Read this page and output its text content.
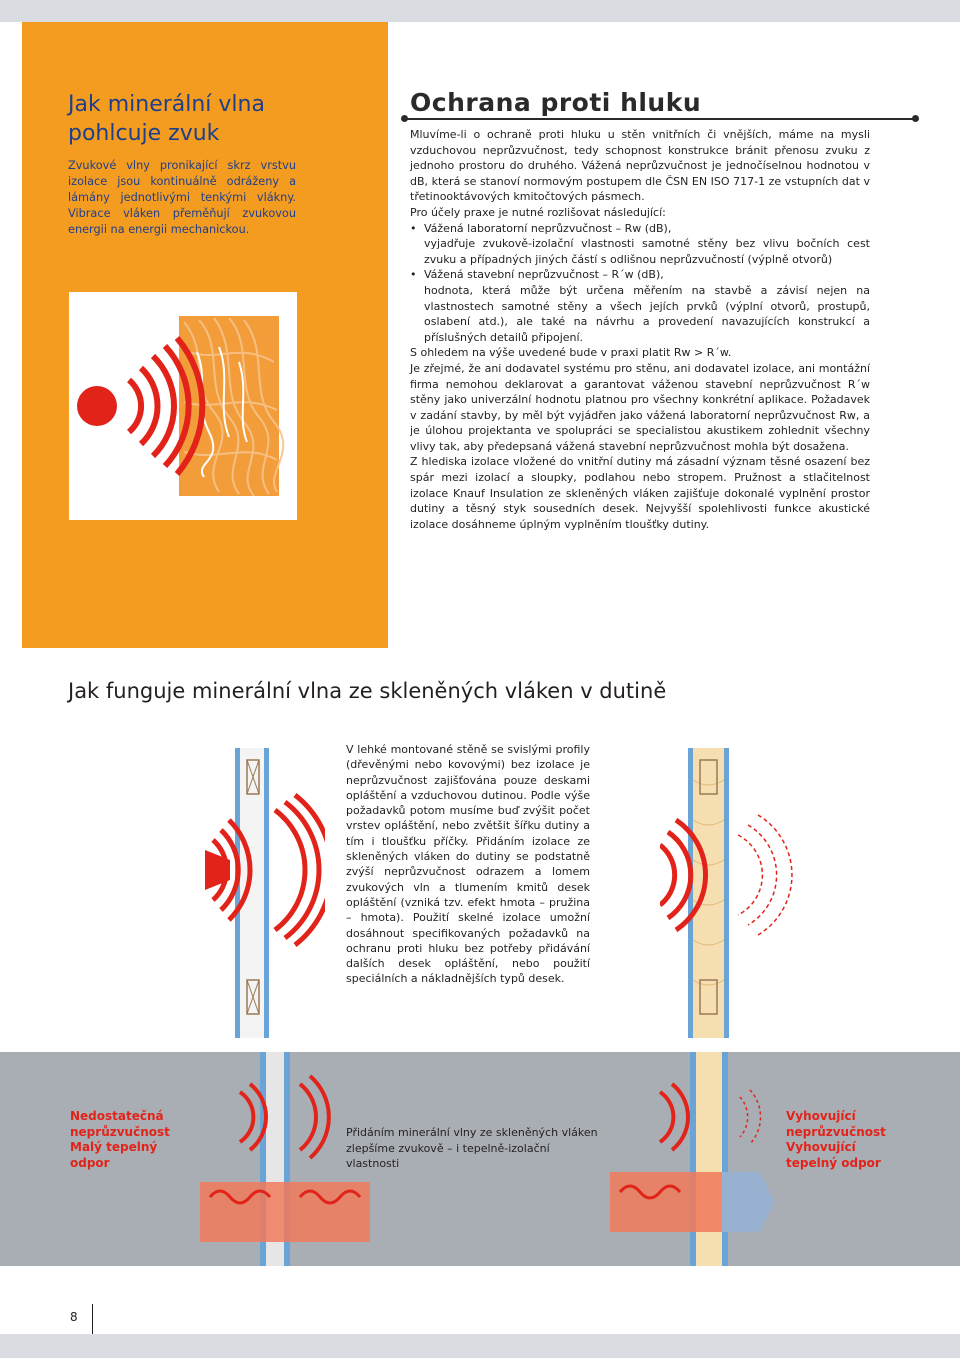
Jak minerální vlna
pohlcuje zvuk
Zvukové vlny pronikající skrz vrstvu izolace jsou kontinuálně odráženy a lámány jednotlivými tenkými vlákny. Vibrace vláken přeměňují zvukovou energii na energii mechanickou.
Ochrana proti hluku

Mluvíme-li o ochraně proti hluku u stěn vnitřních či vnějších, máme na mysli vzduchovou neprůzvučnost, tedy schopnost konstrukce bránit přenosu zvuku z jednoho prostoru do druhého. Vážená neprůzvučnost je jednočíselnou hodnotou v dB, která se stanoví normovým postupem dle ČSN EN ISO 717-1 ze vstupních dat v třetinooktávových kmitočtových pásmech.

Pro účely praxe je nutné rozlišovat následující:

• Vážená laboratorní neprůzvučnost – Rw (dB),

vyjadřuje zvukově-izolační vlastnosti samotné stěny bez vlivu bočních cest zvuku a případných jiných částí s odlišnou neprůzvučností (výplně otvorů)

• Vážená stavební neprůzvučnost – R´w (dB),

hodnota, která může být určena měřením na stavbě a závisí nejen na vlastnostech samotné stěny a všech jejích prvků (výplní otvorů, prostupů, oslabení atd.), ale také na návrhu a provedení navazujících konstrukcí a příslušných detailů připojení.

S ohledem na výše uvedené bude v praxi platit Rw > R´w.

Je zřejmé, že ani dodavatel systému pro stěnu, ani dodavatel izolace, ani montážní firma nemohou deklarovat a garantovat váženou stavební neprůzvučnost R´w stěny jako univerzální hodnotu platnou pro všechny konkrétní aplikace. Požadavek v zadání stavby, by měl být vyjádřen jako vážená laboratorní neprůzvučnost Rw, a je úlohou projektanta ve spolupráci se specialistou akustikem zohlednit všechny vlivy tak, aby předepsaná vážená stavební neprůzvučnost mohla být dosažena.

Z hlediska izolace vložené do vnitřní dutiny má zásadní význam těsné osazení bez spár mezi izolací a sloupky, podlahou nebo stropem. Pružnost a stlačitelnost izolace Knauf Insulation ze skleněných vláken zajišťuje dokonalé vyplnění prostor dutiny a těsný styk sousedních desek. Nejvyšší spolehlivosti funkce akustické izolace dosáhneme úplným vyplněním tloušťky dutiny.

Jak funguje minerální vlna ze skleněných vláken v dutině
V lehké montované stěně se svislými profily (dřevěnými nebo kovovými) bez izolace je neprůzvučnost zajišťována pouze deskami opláštění a vzduchovou dutinou. Podle výše požadavků potom musíme buď zvýšit počet vrstev opláštění, nebo zvětšit šířku dutiny a tím i tloušťku příčky. Přidáním izolace ze skleněných vláken do dutiny se podstatně zvýší neprůzvučnost odrazem a lomem zvukových vln a tlumením kmitů desek opláštění (vzniká tzv. efekt hmota – pružina – hmota). Použití skelné izolace umožní dosáhnout specifikovaných požadavků na ochranu proti hluku bez potřeby přidávání dalších desek opláštění, nebo použití speciálních a nákladnějších typů desek.
Nedostatečná
neprůzvučnost
Malý tepelný
odpor
Přidáním minerální vlny ze skleněných vláken zlepšíme zvukově – i tepelně-izolační vlastnosti
Vyhovující
neprůzvučnost
Vyhovující
tepelný odpor
8
